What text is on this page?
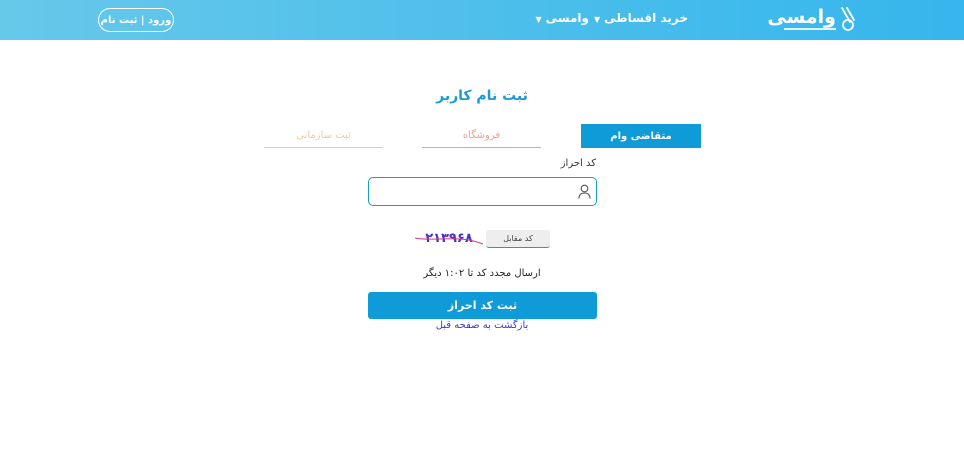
وامسی
خرید اقساطی
▼
وامسی
▼
ورود | ثبت نام
ثبت نام کاربر
متقاضی وام
فروشگاه
ثبت سازمانی
کد احراز
۲۱۳۹۶۸	کد مقابل
ارسال مجدد کد تا ۱:۰۲ دیگر
ثبت کد احراز
بازگشت به صفحه قبل
